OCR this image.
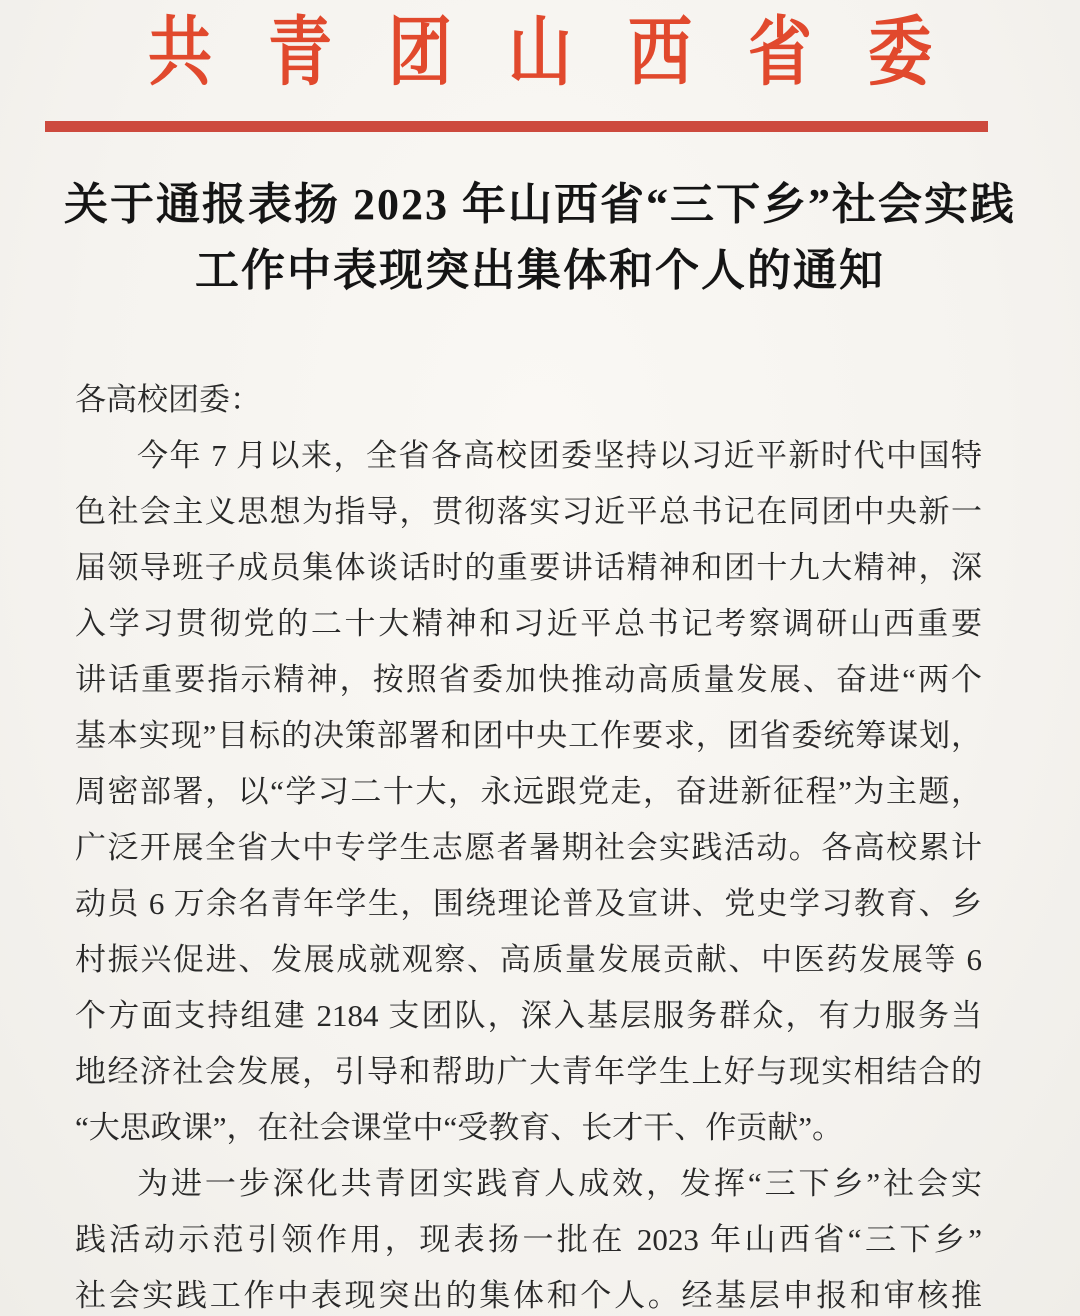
共青团山西省委
关于通报表扬 2023 年山西省“三下乡”社会实践
工作中表现突出集体和个人的通知
各高校团委：
今年 7 月以来，全省各高校团委坚持以习近平新时代中国特
色社会主义思想为指导，贯彻落实习近平总书记在同团中央新一
届领导班子成员集体谈话时的重要讲话精神和团十九大精神，深
入学习贯彻党的二十大精神和习近平总书记考察调研山西重要
讲话重要指示精神，按照省委加快推动高质量发展、奋进“两个
基本实现”目标的决策部署和团中央工作要求，团省委统筹谋划，
周密部署，以“学习二十大，永远跟党走，奋进新征程”为主题，
广泛开展全省大中专学生志愿者暑期社会实践活动。各高校累计
动员 6 万余名青年学生，围绕理论普及宣讲、党史学习教育、乡
村振兴促进、发展成就观察、高质量发展贡献、中医药发展等 6
个方面支持组建 2184 支团队，深入基层服务群众，有力服务当
地经济社会发展，引导和帮助广大青年学生上好与现实相结合的
“大思政课”，在社会课堂中“受教育、长才干、作贡献”。
为进一步深化共青团实践育人成效，发挥“三下乡”社会实
践活动示范引领作用，现表扬一批在 2023 年山西省“三下乡”
社会实践工作中表现突出的集体和个人。经基层申报和审核推
